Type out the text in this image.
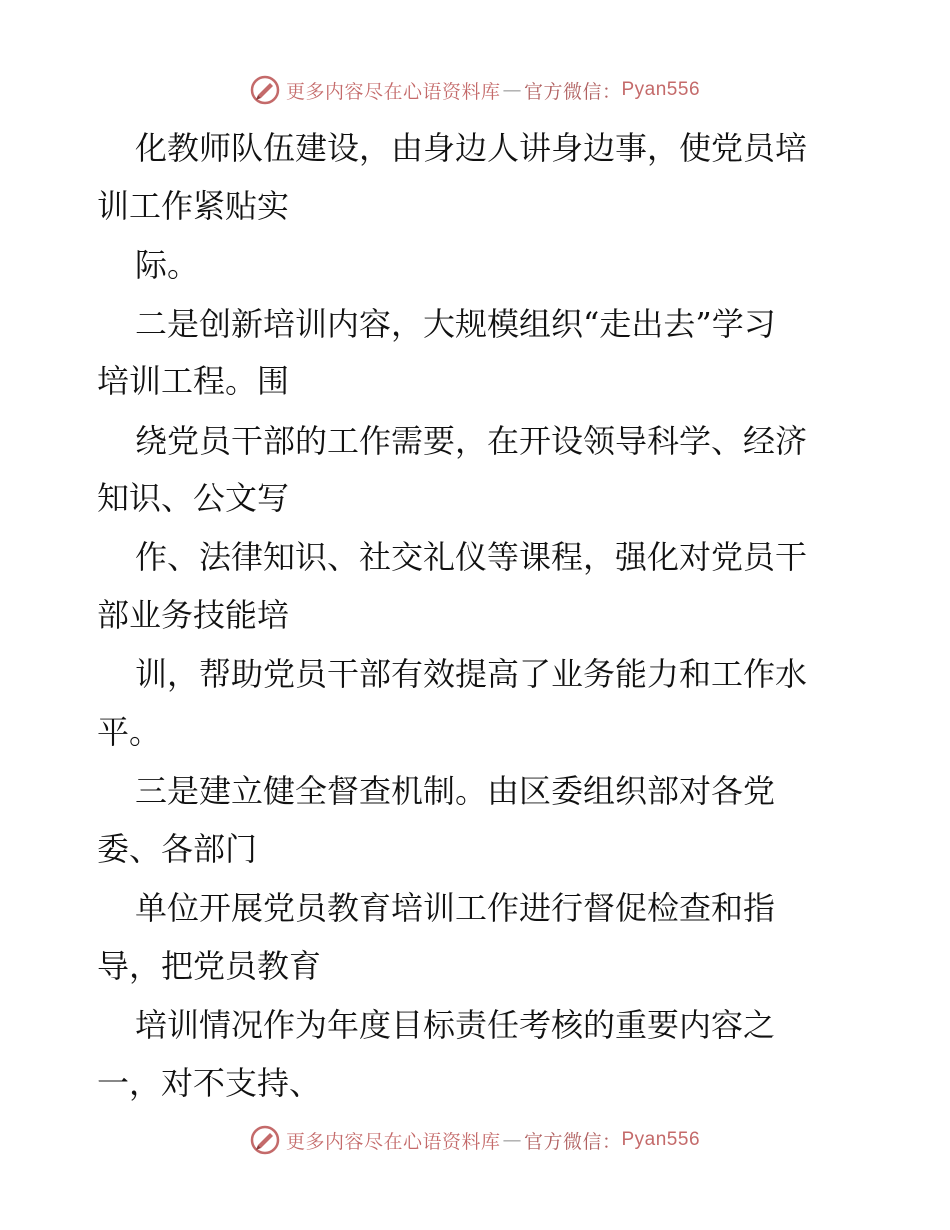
更多内容尽在心语资料库 — 官方微信： Pyan556
化教师队伍建设，由身边人讲身边事，使党员培
训工作紧贴实
际。
二是创新培训内容，大规模组织“走出去”学习
培训工程。围
绕党员干部的工作需要，在开设领导科学、经济
知识、公文写
作、法律知识、社交礼仪等课程，强化对党员干
部业务技能培
训，帮助党员干部有效提高了业务能力和工作水
平。
三是建立健全督查机制。由区委组织部对各党
委、各部门
单位开展党员教育培训工作进行督促检查和指
导，把党员教育
培训情况作为年度目标责任考核的重要内容之
一，对不支持、
更多内容尽在心语资料库 — 官方微信： Pyan556
